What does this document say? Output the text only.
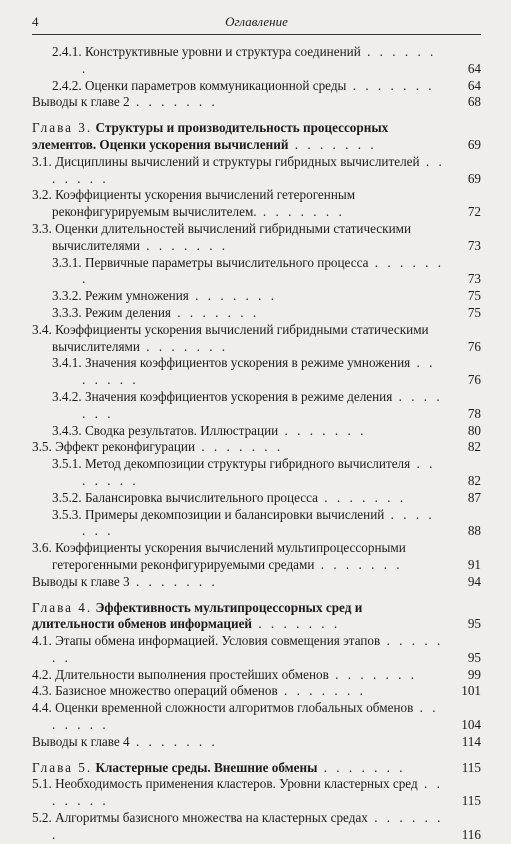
4	Оглавление
2.4.1. Конструктивные уровни и структура соединений . . . . . . .	64
2.4.2. Оценки параметров коммуникационной среды . . . . . . .	64
Выводы к главе 2 . . . . . . .	68
Глава 3. Структуры и производительность процессорных элементов. Оценки ускорения вычислений . . . . . . .	69
3.1. Дисциплины вычислений и структуры гибридных вычислителей . . . . . . .	69
3.2. Коэффициенты ускорения вычислений гетерогенным реконфигурируемым вычислителем. . . . . . . .	72
3.3. Оценки длительностей вычислений гибридными статическими вычислителями . . . . . . .	73
3.3.1. Первичные параметры вычислительного процесса . . . . . . .	73
3.3.2. Режим умножения . . . . . . .	75
3.3.3. Режим деления . . . . . . .	75
3.4. Коэффициенты ускорения вычислений гибридными статическими вычислителями . . . . . . .	76
3.4.1. Значения коэффициентов ускорения в режиме умножения . . . . . . .	76
3.4.2. Значения коэффициентов ускорения в режиме деления . . . . . . .	78
3.4.3. Сводка результатов. Иллюстрации . . . . . . .	80
3.5. Эффект реконфигурации . . . . . . .	82
3.5.1. Метод декомпозиции структуры гибридного вычислителя . . . . . . .	82
3.5.2. Балансировка вычислительного процесса . . . . . . .	87
3.5.3. Примеры декомпозиции и балансировки вычислений . . . . . . .	88
3.6. Коэффициенты ускорения вычислений мультипроцессорными гетерогенными реконфигурируемыми средами . . . . . . .	91
Выводы к главе 3 . . . . . . .	94
Глава 4. Эффективность мультипроцессорных сред и длительности обменов информацией . . . . . . .	95
4.1. Этапы обмена информацией. Условия совмещения этапов . . . . . . .	95
4.2. Длительности выполнения простейших обменов . . . . . . .	99
4.3. Базисное множество операций обменов . . . . . . .	101
4.4. Оценки временной сложности алгоритмов глобальных обменов . . . . . . .	104
Выводы к главе 4 . . . . . . .	114
Глава 5. Кластерные среды. Внешние обмены . . . . . . .	115
5.1. Необходимость применения кластеров. Уровни кластерных сред . . . . . . .	115
5.2. Алгоритмы базисного множества на кластерных средах . . . . . . .	116
